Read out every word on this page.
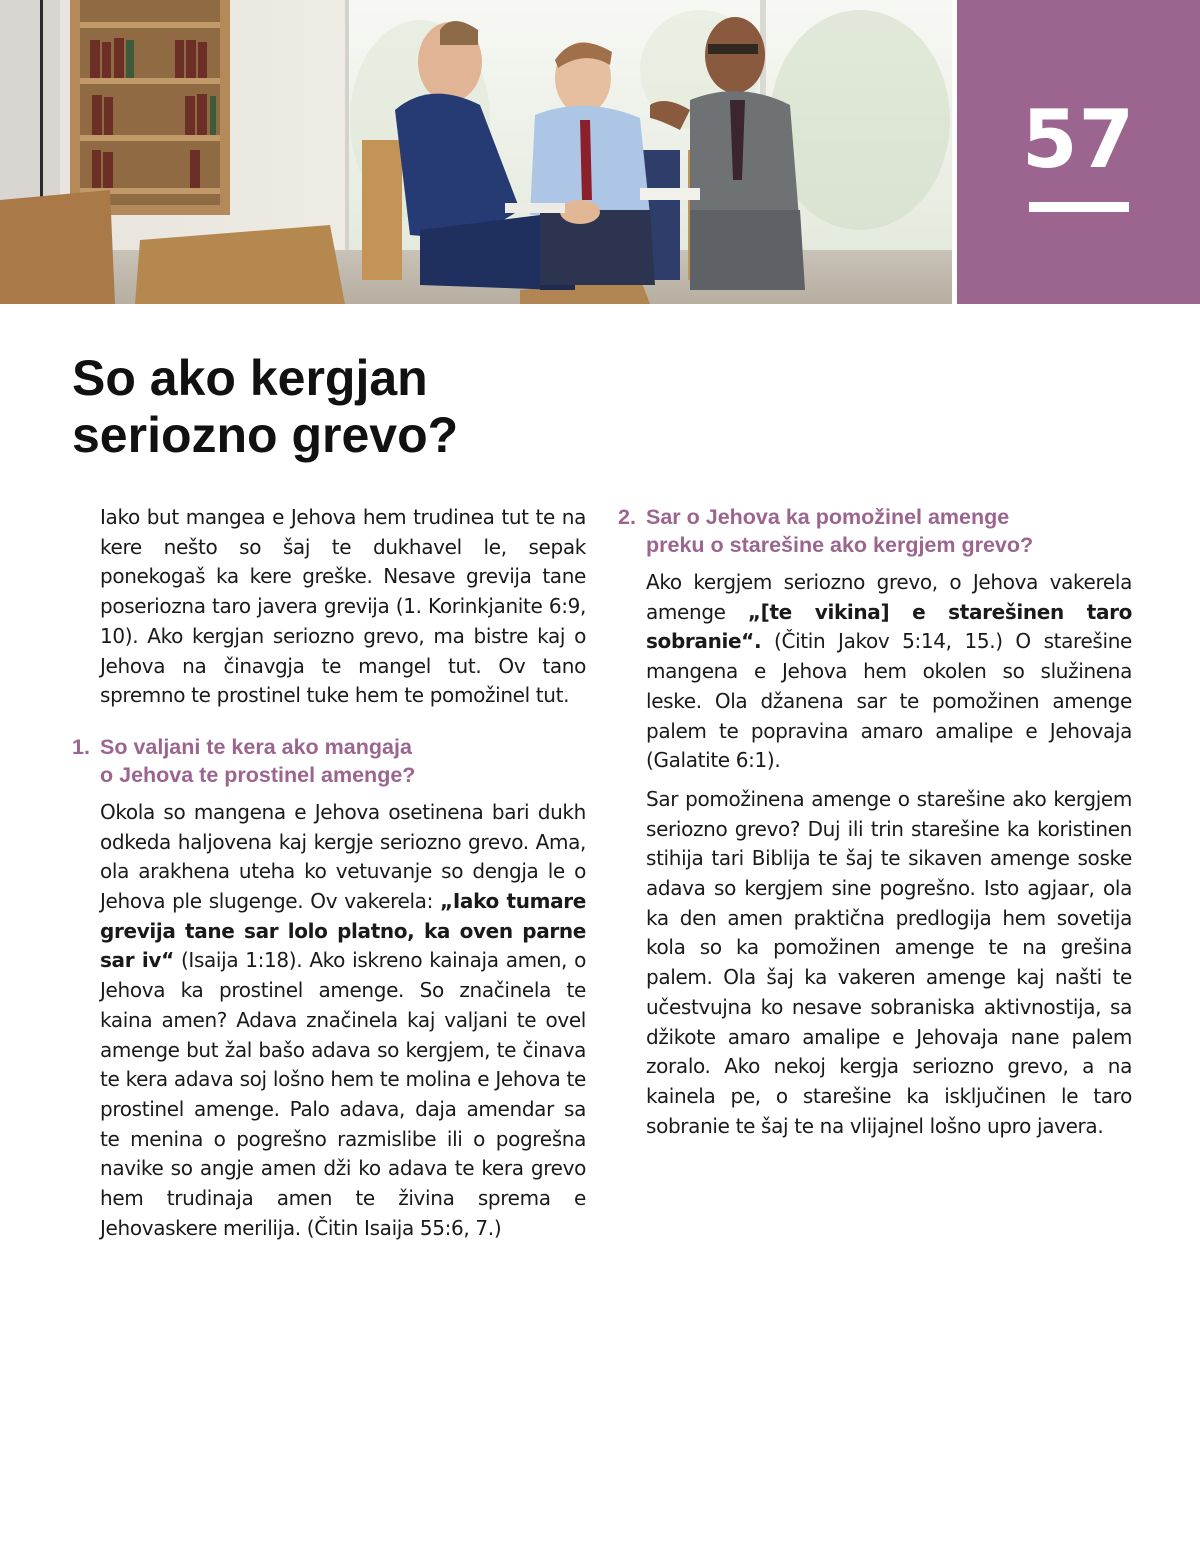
57
So ako kergjan
seriozno grevo?

Iako but mangea e Jehova hem trudinea tut te na kere nešto so šaj te dukhavel le, sepak ponekogaš ka kere greške. Nesave grevija tane poseriozna taro javera grevija (1. Korinkjanite 6:9, 10). Ako kergjan seriozno grevo, ma bistre kaj o Jehova na činavgja te mangel tut. Ov tano spremno te prostinel tuke hem te pomožinel tut.

1. So valjani te kera ako mangaja
o Jehova te prostinel amenge?

Okola so mangena e Jehova osetinena bari dukh odkeda haljovena kaj kergje seriozno grevo. Ama, ola arakhena uteha ko vetuvanje so dengja le o Jehova ple slugenge. Ov vakerela: „Iako tumare grevija tane sar lolo platno, ka oven parne sar iv“ (Isaija 1:18). Ako iskreno kainaja amen, o Jehova ka prostinel amenge. So značinela te kaina amen? Adava značinela kaj valjani te ovel amenge but žal bašo adava so kergjem, te činava te kera adava soj lošno hem te molina e Jehova te prostinel amenge. Palo adava, daja amendar sa te menina o pogrešno razmislibe ili o pogrešna navike so angje amen dži ko adava te kera grevo hem trudinaja amen te živina sprema e Jehovaskere merilija. (Čitin Isaija 55:6, 7.)

2. Sar o Jehova ka pomožinel amenge
preku o starešine ako kergjem grevo?

Ako kergjem seriozno grevo, o Jehova vakerela amenge „[te vikina] e starešinen taro sobranie“. (Čitin Jakov 5:14, 15.) O starešine mangena e Jehova hem okolen so služinena leske. Ola džanena sar te pomožinen amenge palem te popravina amaro amalipe e Jehovaja (Galatite 6:1).

Sar pomožinena amenge o starešine ako kergjem seriozno grevo? Duj ili trin starešine ka koristinen stihija tari Biblija te šaj te sikaven amenge soske adava so kergjem sine pogrešno. Isto agjaar, ola ka den amen praktična predlogija hem sovetija kola so ka pomožinen amenge te na grešina palem. Ola šaj ka vakeren amenge kaj našti te učestvujna ko nesave sobraniska aktivnostija, sa džikote amaro amalipe e Jehovaja nane palem zoralo. Ako nekoj kergja seriozno grevo, a na kainela pe, o starešine ka isključinen le taro sobranie te šaj te na vlijajnel lošno upro javera.
